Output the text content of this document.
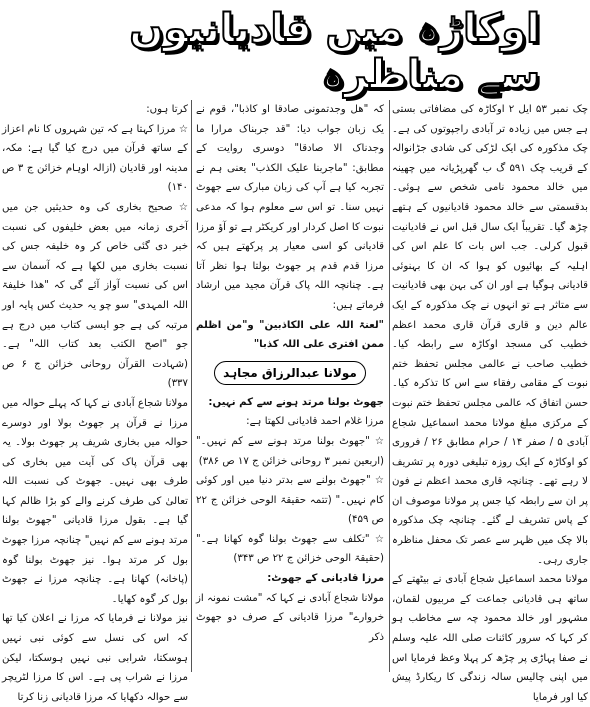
اوکاڑہ میں قادیانیوں سے مناظرہ

چک نمبر ۵۳ ایل ۲ اوکاڑہ کی مضافاتی بستی ہے جس میں زیادہ تر آبادی راجپوتوں کی ہے۔ چک مذکورہ کی ایک لڑکی کی شادی جڑانوالہ کے قریب چک ۵۹۱ گ ب گھرپڑیانہ میں چھینہ میں خالد محمود نامی شخص سے ہوئی۔ بدقسمتی سے خالد محمود قادیانیوں کے ہتھے چڑھ گیا۔ تقریباً ایک سال قبل اس نے قادیانیت قبول کرلی۔ جب اس بات کا علم اس کی اہلیہ کے بھائیوں کو ہوا کہ ان کا بہنوئی قادیانی ہوگیا ہے اور ان کی بہن بھی قادیانیت سے متاثر ہے تو انہوں نے چک مذکورہ کے ایک عالم دین و قاری قرآن قاری محمد اعظم خطیب کی مسجد اوکاڑہ سے رابطہ کیا۔ خطیب صاحب نے عالمی مجلس تحفظ ختم نبوت کے مقامی رفقاء سے اس کا تذکرہ کیا۔ حسن اتفاق کہ عالمی مجلس تحفظ ختم نبوت کے مرکزی مبلغ مولانا محمد اسماعیل شجاع آبادی ۵ / صفر ۱۴ / حرام مطابق ۲۶ / فروری کو اوکاڑہ کے ایک روزہ تبلیغی دورہ پر تشریف لا رہے تھے۔ چنانچہ قاری محمد اعظم نے فون پر ان سے رابطہ کیا جس پر مولانا موصوف ان کے پاس تشریف لے گئے۔ چنانچہ چک مذکورہ بالا چک میں ظہر سے عصر تک محفل مناظرہ جاری رہی۔

مولانا محمد اسماعیل شجاع آبادی نے بیٹھتے کے ساتھ ہی قادیانی جماعت کے مربیوں لقمان، مشہور اور خالد محمود چہ سے مخاطب ہو کر کہا کہ سرور کائنات صلی اللہ علیہ وسلم نے صفا پہاڑی پر چڑھ کر پہلا وعظ فرمایا اس میں اپنی چالیس سالہ زندگی کا ریکارڈ پیش کیا اور فرمایا

کہ "ھل وجدتمونی صادقا او کاذبا"، قوم نے یک زبان جواب دیا: "قد جربناک مرارا ما وجدناک الا صادقا" دوسری روایت کے مطابق: "ماجربنا علیک الکذب" یعنی ہم نے تجربہ کیا ہے آپ کی زبان مبارک سے جھوٹ نہیں سنا۔ تو اس سے معلوم ہوا کہ مدعی نبوت کا اصل کردار اور کریکٹر ہے تو آؤ مرزا قادیانی کو اسی معیار پر پرکھتے ہیں کہ مرزا قدم قدم پر جھوٹ بولتا ہوا نظر آتا ہے۔ چنانچہ اللہ پاک قرآن مجید میں ارشاد فرماتے ہیں:

"لعنۃ اللہ علی الکاذبین" و"من اظلم ممن افتری علی اللہ کذبا"

مولانا عبدالرزاق مجاہد

جھوٹ بولنا مرتد ہونے سے کم نہیں:

مرزا غلام احمد قادیانی لکھتا ہے:

☆ "جھوٹ بولنا مرتد ہونے سے کم نہیں۔" (اربعین نمبر ۳ روحانی خزائن ج ۱۷ ص ۳۸۶)

☆ "جھوٹ بولنے سے بدتر دنیا میں اور کوئی کام نہیں۔" (تتمہ حقیقۃ الوحی خزائن ج ۲۲ ص ۴۵۹)

☆ "تکلف سے جھوٹ بولنا گوہ کھانا ہے۔" (حقیقۃ الوحی خزائن ج ۲۲ ص ۳۴۳)

مرزا قادیانی کے جھوٹ:

مولانا شجاع آبادی نے کہا کہ "مشت نمونہ از خروارے" مرزا قادیانی کے صرف دو جھوٹ ذکر

کرتا ہوں:

☆ مرزا کہتا ہے کہ تین شہروں کا نام اعزاز کے ساتھ قرآن میں درج کیا گیا ہے: مکہ، مدینہ اور قادیان (ازالہ اوہام خزائن ج ۳ ص ۱۴۰)

☆ صحیح بخاری کی وہ حدیثیں جن میں آخری زمانہ میں بعض خلیفوں کی نسبت خبر دی گئی خاص کر وہ خلیفہ جس کی نسبت بخاری میں لکھا ہے کہ آسمان سے اس کی نسبت آواز آئے گی کہ "ھذا خلیفۃ اللہ المہدی" سو چو یہ حدیث کس پایہ اور مرتبہ کی ہے جو ایسی کتاب میں درج ہے جو "اصح الکتب بعد کتاب اللہ" ہے۔ (شہادت القرآن روحانی خزائن ج ۶ ص ۳۳۷)

مولانا شجاع آبادی نے کہا کہ پہلے حوالہ میں مرزا نے قرآن پر جھوٹ بولا اور دوسرے حوالہ میں بخاری شریف پر جھوٹ بولا۔ یہ بھی قرآن پاک کی آیت میں بخاری کی طرف بھی نہیں۔ جھوٹ کی نسبت اللہ تعالیٰ کی طرف کرنے والے کو بڑا ظالم کہا گیا ہے۔ بقول مرزا قادیانی "جھوٹ بولنا مرتد ہونے سے کم نہیں" چنانچہ مرزا جھوٹ بول کر مرتد ہوا۔ نیز جھوٹ بولنا گوہ (پاخانہ) کھانا ہے۔ چنانچہ مرزا نے جھوٹ بول کر گوہ کھایا۔

نیز مولانا نے فرمایا کہ مرزا نے اعلان کیا تھا کہ اس کی نسل سے کوئی نبی نہیں ہوسکتا، شرابی نبی نہیں ہوسکتا، لیکن مرزا نے شراب پی ہے۔ اس کا مرزا لٹریچر سے حوالہ دکھایا کہ مرزا قادیانی زنا کرتا
